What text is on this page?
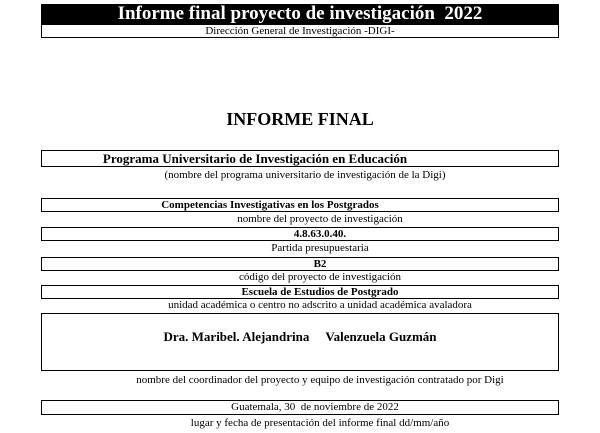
Informe final proyecto de investigación  2022
Dirección General de Investigación -DIGI-
INFORME FINAL
Programa Universitario de Investigación en Educación
(nombre del programa universitario de investigación de la Digi)
Competencias Investigativas en los Postgrados
nombre del proyecto de investigación
4.8.63.0.40.
Partida presupuestaria
B2
código del proyecto de investigación
Escuela de Estudios de Postgrado
unidad académica o centro no adscrito a unidad académica avaladora
Dra. Maribel. Alejandrina     Valenzuela Guzmán
nombre del coordinador del proyecto y equipo de investigación contratado por Digi
Guatemala, 30  de noviembre de 2022
lugar y fecha de presentación del informe final dd/mm/año
